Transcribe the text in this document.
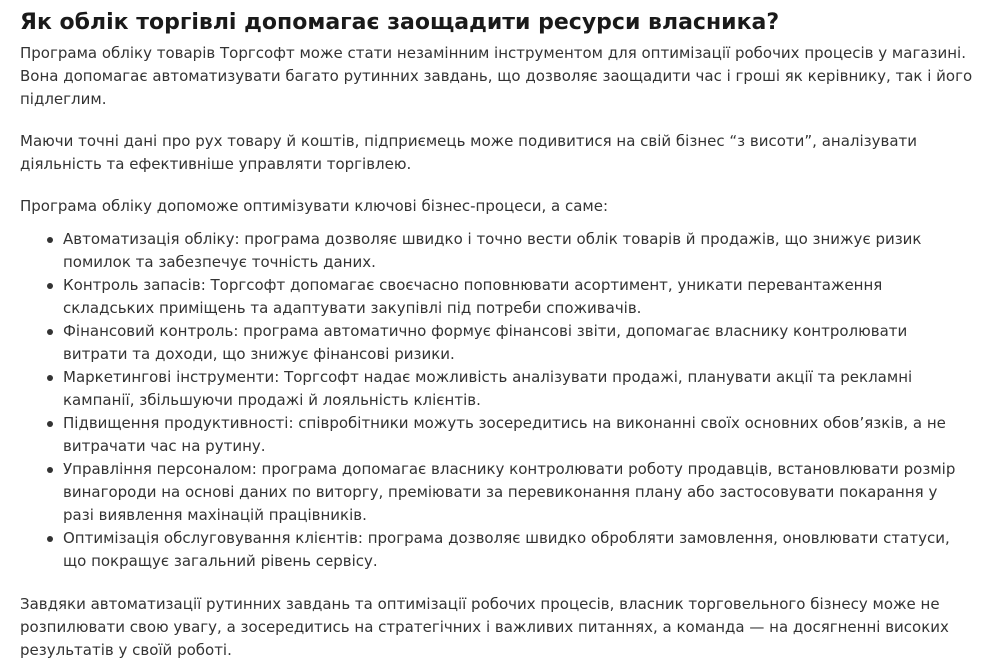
Як облік торгівлі допомагає заощадити ресурси власника?

Програма обліку товарів Торгсофт може стати незамінним інструментом для оптимізації робочих процесів у магазині.
Вона допомагає автоматизувати багато рутинних завдань, що дозволяє заощадити час і гроші як керівнику, так і його
підлеглим.

Маючи точні дані про рух товару й коштів, підприємець може подивитися на свій бізнес “з висоти”, аналізувати
діяльність та ефективніше управляти торгівлею.

Програма обліку допоможе оптимізувати ключові бізнес-процеси, а саме:

Автоматизація обліку: програма дозволяє швидко і точно вести облік товарів й продажів, що знижує ризик
помилок та забезпечує точність даних.
Контроль запасів: Торгсофт допомагає своєчасно поповнювати асортимент, уникати перевантаження
складських приміщень та адаптувати закупівлі під потреби споживачів.
Фінансовий контроль: програма автоматично формує фінансові звіти, допомагає власнику контролювати
витрати та доходи, що знижує фінансові ризики.
Маркетингові інструменти: Торгсофт надає можливість аналізувати продажі, планувати акції та рекламні
кампанії, збільшуючи продажі й лояльність клієнтів.
Підвищення продуктивності: співробітники можуть зосередитись на виконанні своїх основних обов’язків, а не
витрачати час на рутину.
Управління персоналом: програма допомагає власнику контролювати роботу продавців, встановлювати розмір
винагороди на основі даних по виторгу, преміювати за перевиконання плану або застосовувати покарання у
разі виявлення махінацій працівників.
Оптимізація обслуговування клієнтів: програма дозволяє швидко обробляти замовлення, оновлювати статуси,
що покращує загальний рівень сервісу.

Завдяки автоматизації рутинних завдань та оптимізації робочих процесів, власник торговельного бізнесу може не
розпилювати свою увагу, а зосередитись на стратегічних і важливих питаннях, а команда — на досягненні високих
результатів у своїй роботі.
